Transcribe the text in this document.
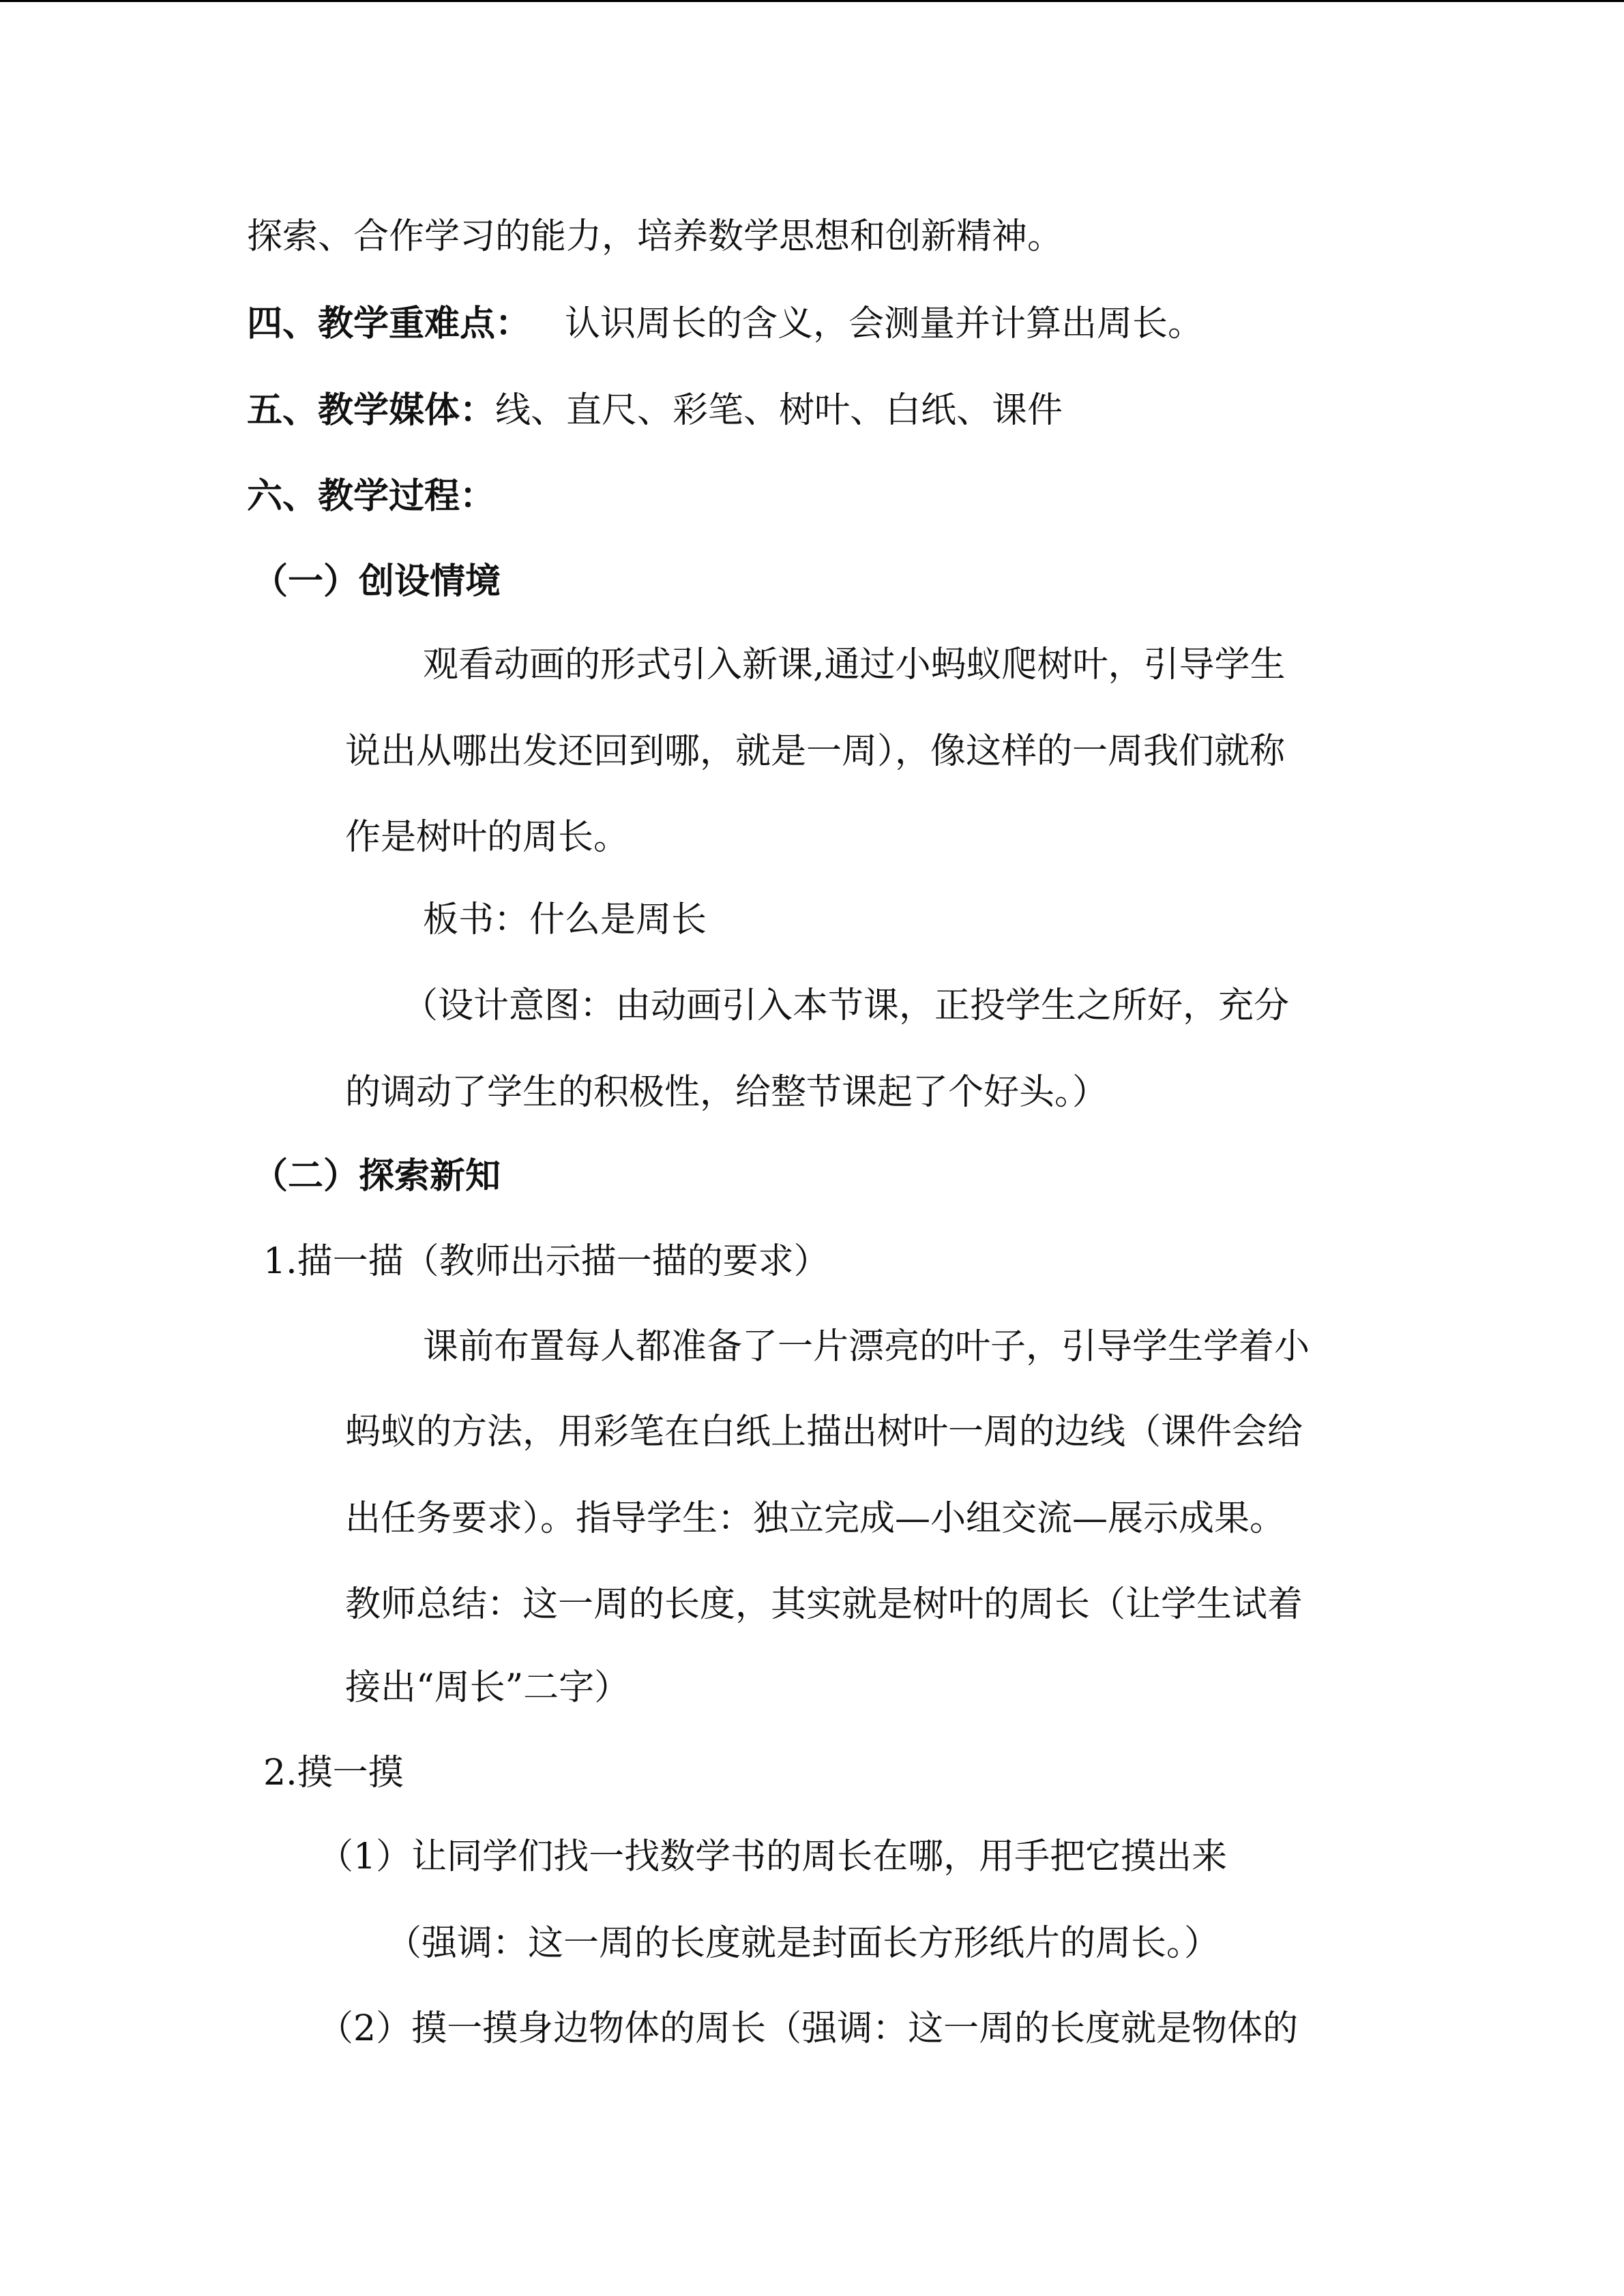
探索、合作学习的能力，培养数学思想和创新精神。
四、教学重难点： 认识周长的含义，会测量并计算出周长。
五、教学媒体：线、直尺、彩笔、树叶、白纸、课件
六、教学过程：
（一）创设情境
观看动画的形式引入新课,通过小蚂蚁爬树叶，引导学生
说出从哪出发还回到哪，就是一周），像这样的一周我们就称
作是树叶的周长。
板书：什么是周长
（设计意图：由动画引入本节课，正投学生之所好，充分
的调动了学生的积极性，给整节课起了个好头。）
（二）探索新知
1.描一描（教师出示描一描的要求）
课前布置每人都准备了一片漂亮的叶子，引导学生学着小
蚂蚁的方法，用彩笔在白纸上描出树叶一周的边线（课件会给
出任务要求）。指导学生：独立完成—小组交流—展示成果。
教师总结：这一周的长度，其实就是树叶的周长（让学生试着
接出“周长”二字）
2.摸一摸
（1）让同学们找一找数学书的周长在哪，用手把它摸出来
（强调：这一周的长度就是封面长方形纸片的周长。）
（2）摸一摸身边物体的周长（强调：这一周的长度就是物体的
